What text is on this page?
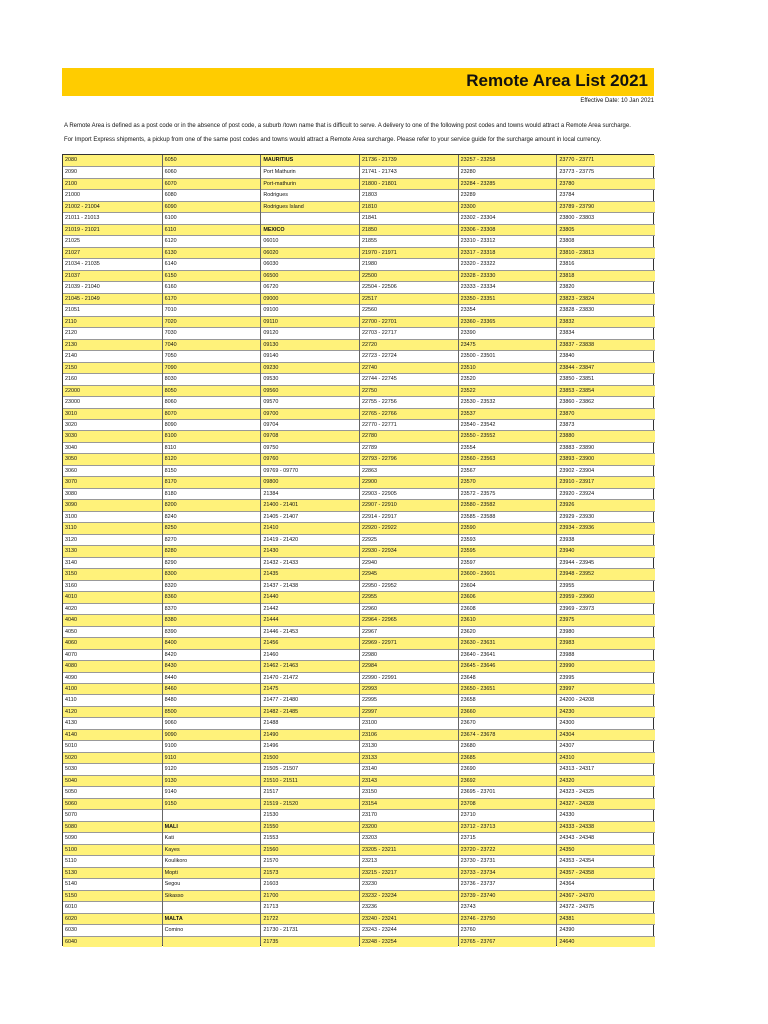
Remote Area List 2021
Effective Date: 10 Jan 2021
A Remote Area is defined as a post code or in the absence of post code, a suburb /town name that is difficult to serve. A delivery to one of the following post codes and towns would attract a Remote Area surcharge.
For Import Express shipments, a pickup from one of the same post codes and towns would attract a Remote Area surcharge. Please refer to your service guide for the surcharge amount in local currency.
2080
2090
2100
21000
21002 - 21004
21011 - 21013
21019 - 21021
21025
21027
21034 - 21035
21037
21039 - 21040
21045 - 21049
21051
2110
2120
2130
2140
2150
2160
22000
23000
3010
3020
3030
3040
3050
3060
3070
3080
3090
3100
3110
3120
3130
3140
3150
3160
4010
4020
4040
4050
4060
4070
4080
4090
4100
4110
4120
4130
4140
5010
5020
5030
5040
5050
5060
5070
5080
5090
5100
5110
5130
5140
5150
6010
6020
6030
6040
6050
6060
6070
6080
6090
6100
6110
6120
6130
6140
6150
6160
6170
7010
7020
7030
7040
7050
7090
8030
8050
8060
8070
8090
8100
8110
8120
8150
8170
8180
8200
8240
8250
8270
8280
8290
8300
8320
8360
8370
8380
8390
8400
8420
8430
8440
8460
8480
8500
9060
9090
9100
9110
9120
9130
9140
9150
MALI
Kati
Kayes
Koulikoro
Mopti
Segou
Sikasso
MALTA
Comino
MAURITIUS
Port Mathurin
Port-mathurin
Rodrigues
Rodrigues Island
MEXICO
06010
06020
06030
06500
06720
09000
09100
09110
09120
09130
09140
09230
09530
09560
09570
09700
09704
09708
09750
09760
09769 - 09770
09800
21384
21400 - 21401
21405 - 21407
21410
21419 - 21420
21430
21432 - 21433
21435
21437 - 21438
21440
21442
21444
21446 - 21453
21456
21460
21462 - 21463
21470 - 21472
21475
21477 - 21480
21482 - 21485
21488
21490
21496
21500
21505 - 21507
21510 - 21511
21517
21519 - 21520
21530
21550
21553
21560
21570
21573
21603
21700
21713
21722
21730 - 21731
21735
21736 - 21739
21741 - 21743
21800 - 21801
21803
21810
21841
21850
21855
21970 - 21971
21980
22500
22504 - 22506
22517
22560
22700 - 22701
22703 - 22717
22720
22723 - 22724
22740
22744 - 22745
22750
22755 - 22756
22765 - 22766
22770 - 22771
22780
22789
22793 - 22796
22863
22900
22903 - 22905
22907 - 22910
22914 - 22917
22920 - 22922
22925
22930 - 22934
22940
22945
22950 - 22952
22955
22960
22964 - 22965
22967
22969 - 22971
22980
22984
22990 - 22991
22993
22995
22997
23100
23106
23130
23133
23140
23143
23150
23154
23170
23200
23203
23205 - 23211
23213
23215 - 23217
23230
23232 - 23234
23236
23240 - 23241
23243 - 23244
23248 - 23254
23257 - 23258
23280
23284 - 23285
23289
23300
23302 - 23304
23306 - 23308
23310 - 23312
23317 - 23318
23320 - 23322
23328 - 23330
23333 - 23334
23350 - 23351
23354
23360 - 23365
23390
23475
23500 - 23501
23510
23520
23522
23530 - 23532
23537
23540 - 23542
23550 - 23552
23554
23560 - 23563
23567
23570
23572 - 23575
23580 - 23582
23585 - 23588
23590
23593
23595
23597
23600 - 23601
23604
23606
23608
23610
23620
23630 - 23631
23640 - 23641
23645 - 23646
23648
23650 - 23651
23658
23660
23670
23674 - 23678
23680
23685
23690
23692
23695 - 23701
23708
23710
23712 - 23713
23715
23720 - 23722
23730 - 23731
23733 - 23734
23736 - 23737
23739 - 23740
23743
23746 - 23750
23760
23765 - 23767
23770 - 23771
23773 - 23775
23780
23784
23789 - 23790
23800 - 23803
23805
23808
23810 - 23813
23816
23818
23820
23823 - 23824
23828 - 23830
23832
23834
23837 - 23838
23840
23844 - 23847
23850 - 23851
23853 - 23854
23860 - 23862
23870
23873
23880
23883 - 23890
23893 - 23900
23902 - 23904
23910 - 23917
23920 - 23924
23926
23929 - 23930
23934 - 23936
23938
23940
23944 - 23945
23948 - 23952
23955
23959 - 23960
23969 - 23973
23975
23980
23983
23988
23990
23995
23997
24200 - 24208
24230
24300
24304
24307
24310
24313 - 24317
24320
24323 - 24325
24327 - 24328
24330
24333 - 24338
24343 - 24348
24350
24353 - 24354
24357 - 24358
24364
24367 - 24370
24372 - 24375
24381
24390
24640
